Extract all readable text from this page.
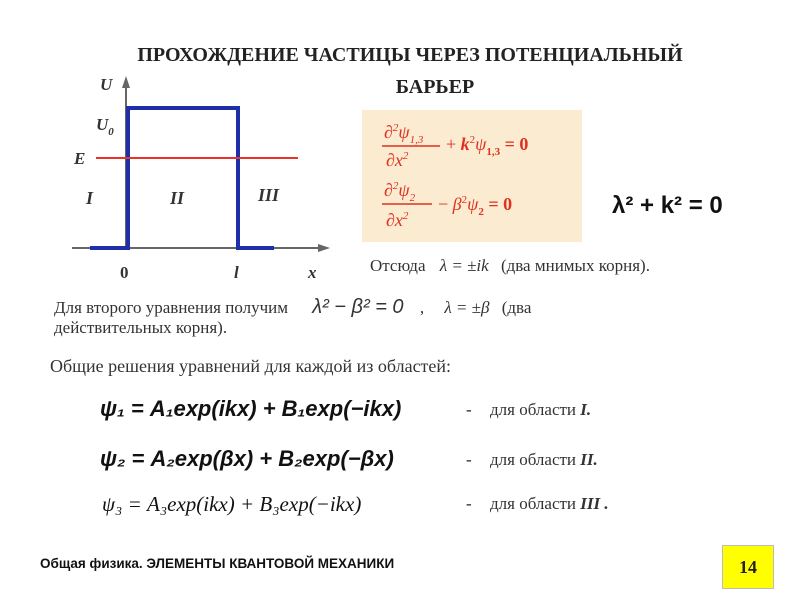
ПРОХОЖДЕНИЕ ЧАСТИЦЫ ЧЕРЕЗ ПОТЕНЦИАЛЬНЫЙ
БАРЬЕР
U
$U_0$
E
I	II	III
0	l	x
$\partial^2\psi_{1,3}$
$\partial x^2$
+ $k^2\psi_{1,3} = 0$
$\partial^2\psi_2$
$\partial x^2$
− $\beta^2\psi_2 = 0$	λ² + k² = 0
Отсюда λ = ±ik (два мнимых корня).
Для второго уравнения получим λ² − β² = 0 , λ = ±β (два
действительных корня).
Общие решения уравнений для каждой из областей:
ψ₁ = A₁exp(ikx) + B₁exp(−ikx)	- для области I.
ψ₂ = A₂exp(βx) + B₂exp(−βx)	- для области II.
ψ₃ = A₃exp(ikx) + B₃exp(−ikx)	- для области III .
Общая физика. ЭЛЕМЕНТЫ КВАНТОВОЙ МЕХАНИКИ	14
